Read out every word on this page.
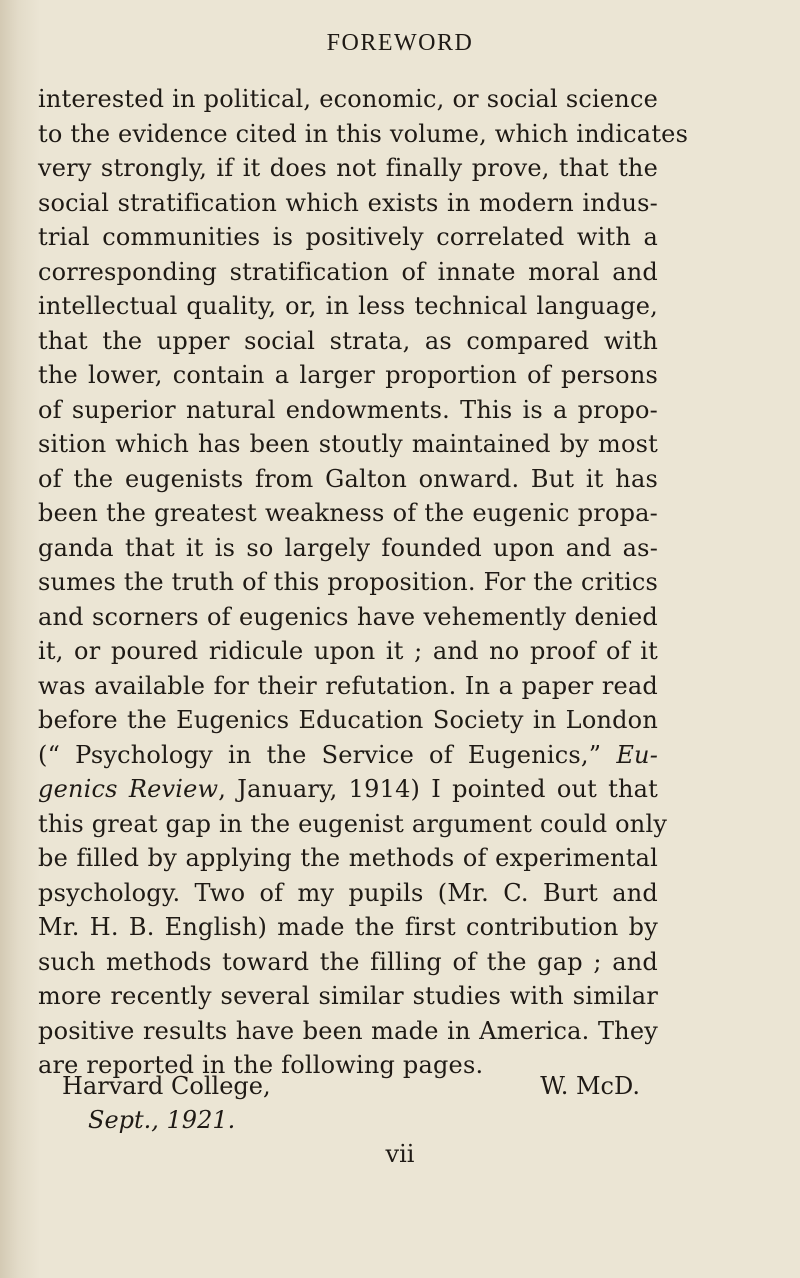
FOREWORD
interested in political, economic, or social science
to the evidence cited in this volume, which indicates
very strongly, if it does not finally prove, that the
social stratification which exists in modern indus-
trial communities is positively correlated with a
corresponding stratification of innate moral and
intellectual quality, or, in less technical language,
that the upper social strata, as compared with
the lower, contain a larger proportion of persons
of superior natural endowments. This is a propo-
sition which has been stoutly maintained by most
of the eugenists from Galton onward. But it has
been the greatest weakness of the eugenic propa-
ganda that it is so largely founded upon and as-
sumes the truth of this proposition. For the critics
and scorners of eugenics have vehemently denied
it, or poured ridicule upon it ; and no proof of it
was available for their refutation. In a paper read
before the Eugenics Education Society in London
(“ Psychology in the Service of Eugenics,” Eu-
genics Review, January, 1914) I pointed out that
this great gap in the eugenist argument could only
be filled by applying the methods of experimental
psychology. Two of my pupils (Mr. C. Burt and
Mr. H. B. English) made the first contribution by
such methods toward the filling of the gap ; and
more recently several similar studies with similar
positive results have been made in America. They
are reported in the following pages.
Harvard College,	W. McD.
Sept., 1921.
vii
